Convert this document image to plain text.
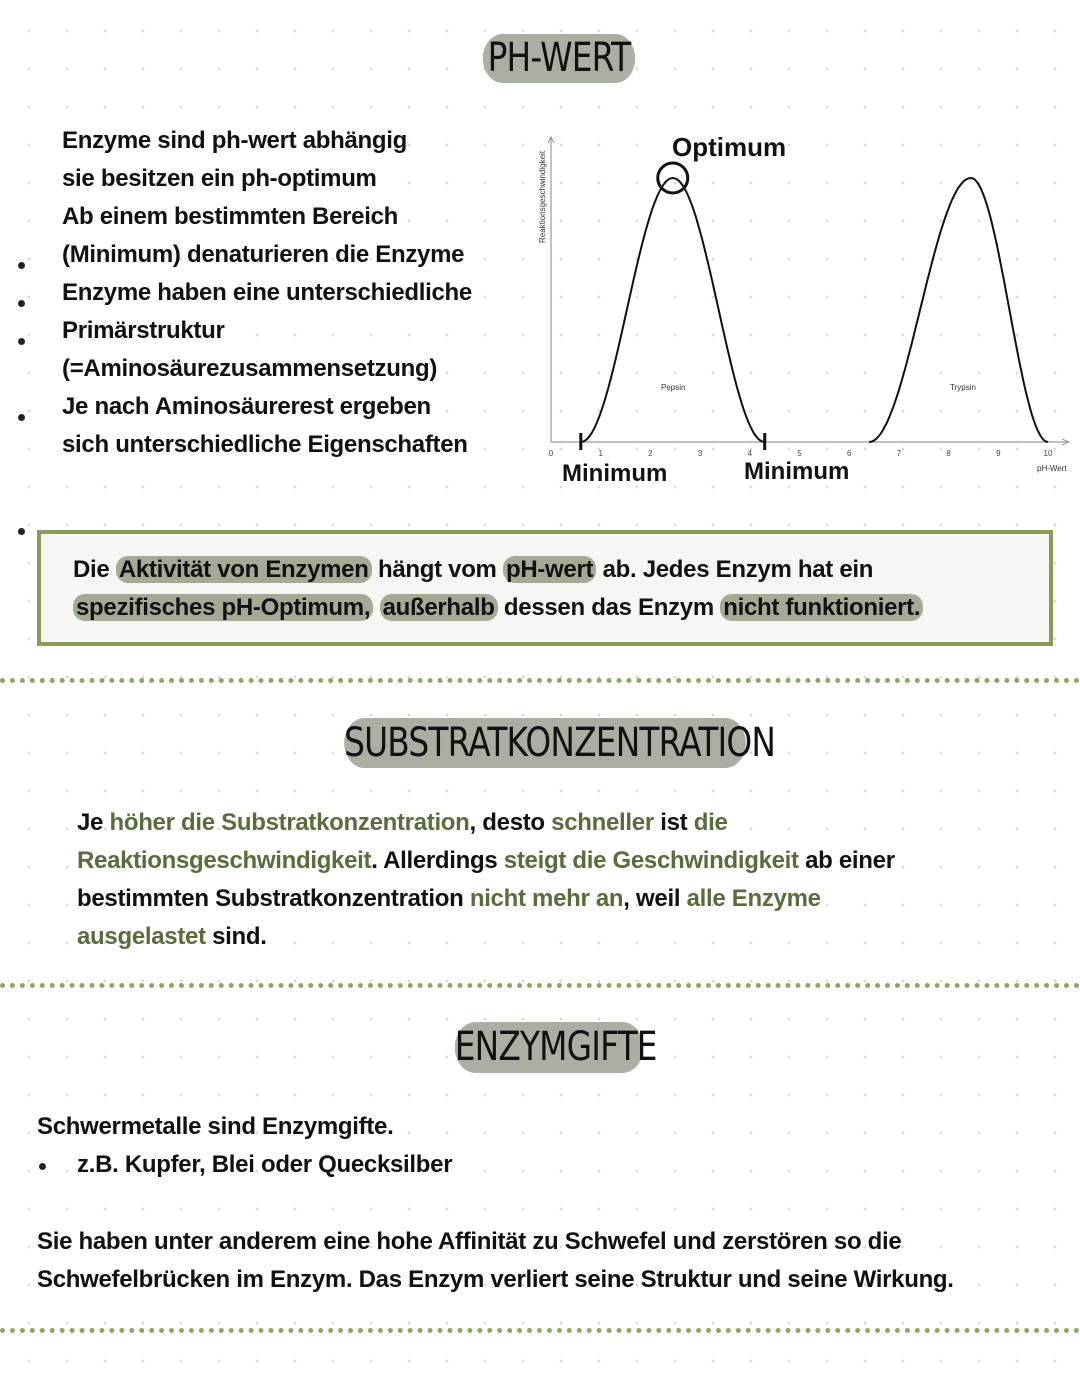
PH-WERT
Enzyme sind ph-wert abhängig
sie besitzen ein ph-optimum
Ab einem bestimmten Bereich
(Minimum) denaturieren die Enzyme
Enzyme haben eine unterschiedliche
Primärstruktur
(=Aminosäurezusammensetzung)
Je nach Aminosäurerest ergeben
sich unterschiedliche Eigenschaften	0	1	2	3	4	5	6	7	8	9	10
Reaktionsgeschwindigkeit
pH-Wert
Pepsin	Trypsin
Optimum
Minimum	Minimum
Die Aktivität von Enzymen hängt vom pH-wert ab. Jedes Enzym hat ein
spezifisches pH-Optimum, außerhalb dessen das Enzym nicht funktioniert.
SUBSTRATKONZENTRATION
Je höher die Substratkonzentration, desto schneller ist die
Reaktionsgeschwindigkeit. Allerdings steigt die Geschwindigkeit ab einer
bestimmten Substratkonzentration nicht mehr an, weil alle Enzyme
ausgelastet sind.
ENZYMGIFTE
Schwermetalle sind Enzymgifte.
z.B. Kupfer, Blei oder Quecksilber
Sie haben unter anderem eine hohe Affinität zu Schwefel und zerstören so die
Schwefelbrücken im Enzym. Das Enzym verliert seine Struktur und seine Wirkung.
